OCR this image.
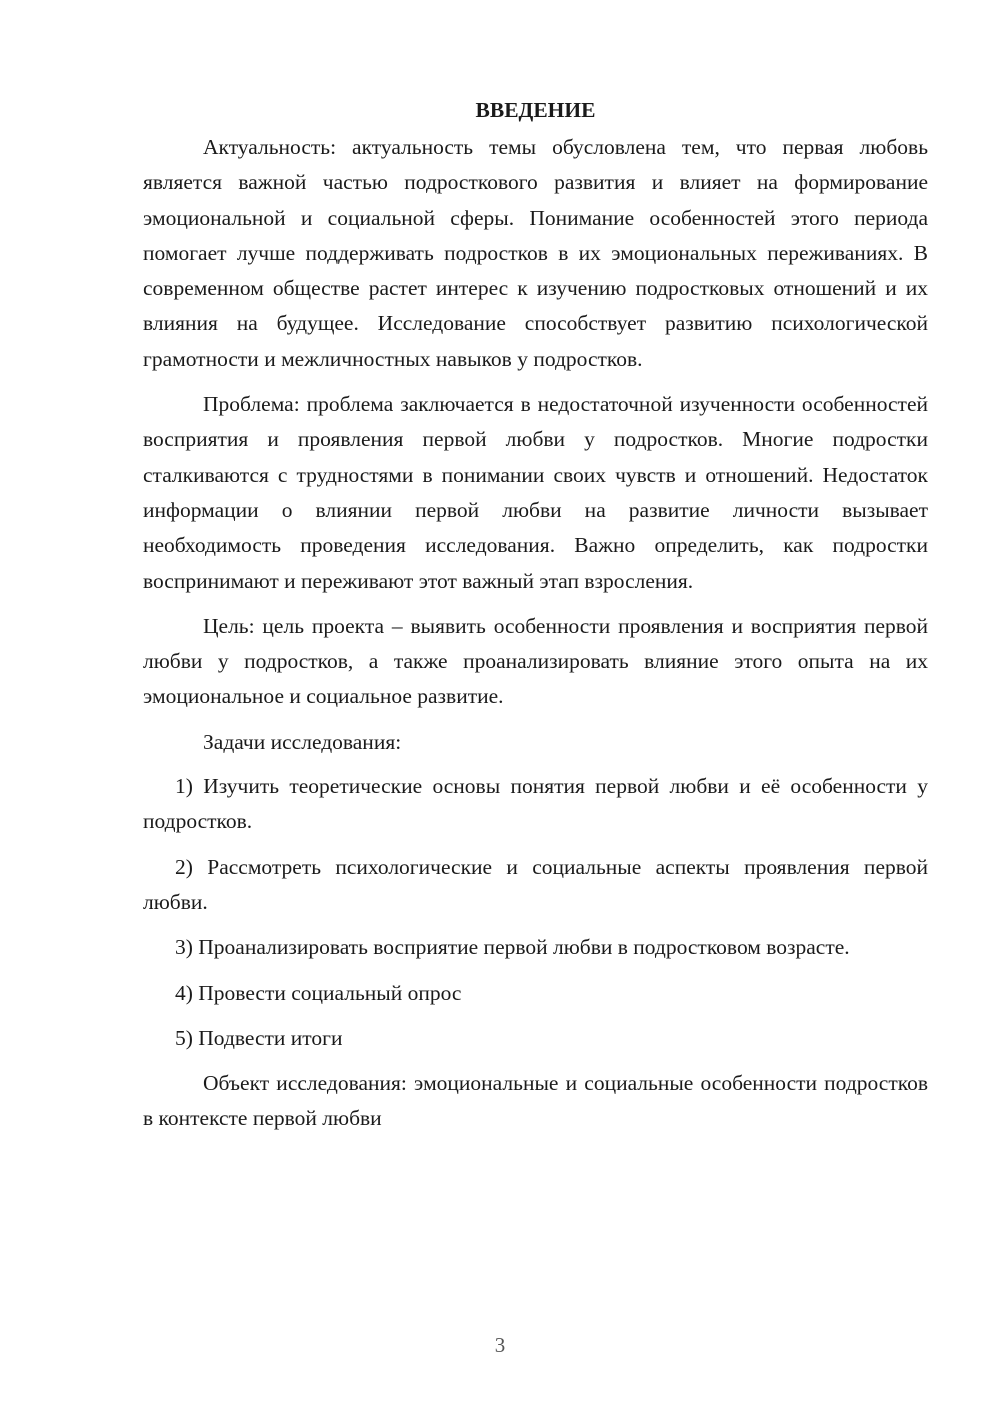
ВВЕДЕНИЕ

Актуальность: актуальность темы обусловлена тем, что первая любовь является важной частью подросткового развития и влияет на формирование эмоциональной и социальной сферы. Понимание особенностей этого периода помогает лучше поддерживать подростков в их эмоциональных переживаниях. В современном обществе растет интерес к изучению подростковых отношений и их влияния на будущее. Исследование способствует развитию психологической грамотности и межличностных навыков у подростков.

Проблема: проблема заключается в недостаточной изученности особенностей восприятия и проявления первой любви у подростков. Многие подростки сталкиваются с трудностями в понимании своих чувств и отношений. Недостаток информации о влиянии первой любви на развитие личности вызывает необходимость проведения исследования. Важно определить, как подростки воспринимают и переживают этот важный этап взросления.

Цель: цель проекта – выявить особенности проявления и восприятия первой любви у подростков, а также проанализировать влияние этого опыта на их эмоциональное и социальное развитие.

Задачи исследования:

1) Изучить теоретические основы понятия первой любви и её особенности у подростков.

2) Рассмотреть психологические и социальные аспекты проявления первой любви.

3) Проанализировать восприятие первой любви в подростковом возрасте.

4) Провести социальный опрос

5) Подвести итоги

Объект исследования: эмоциональные и социальные особенности подростков в контексте первой любви

3
